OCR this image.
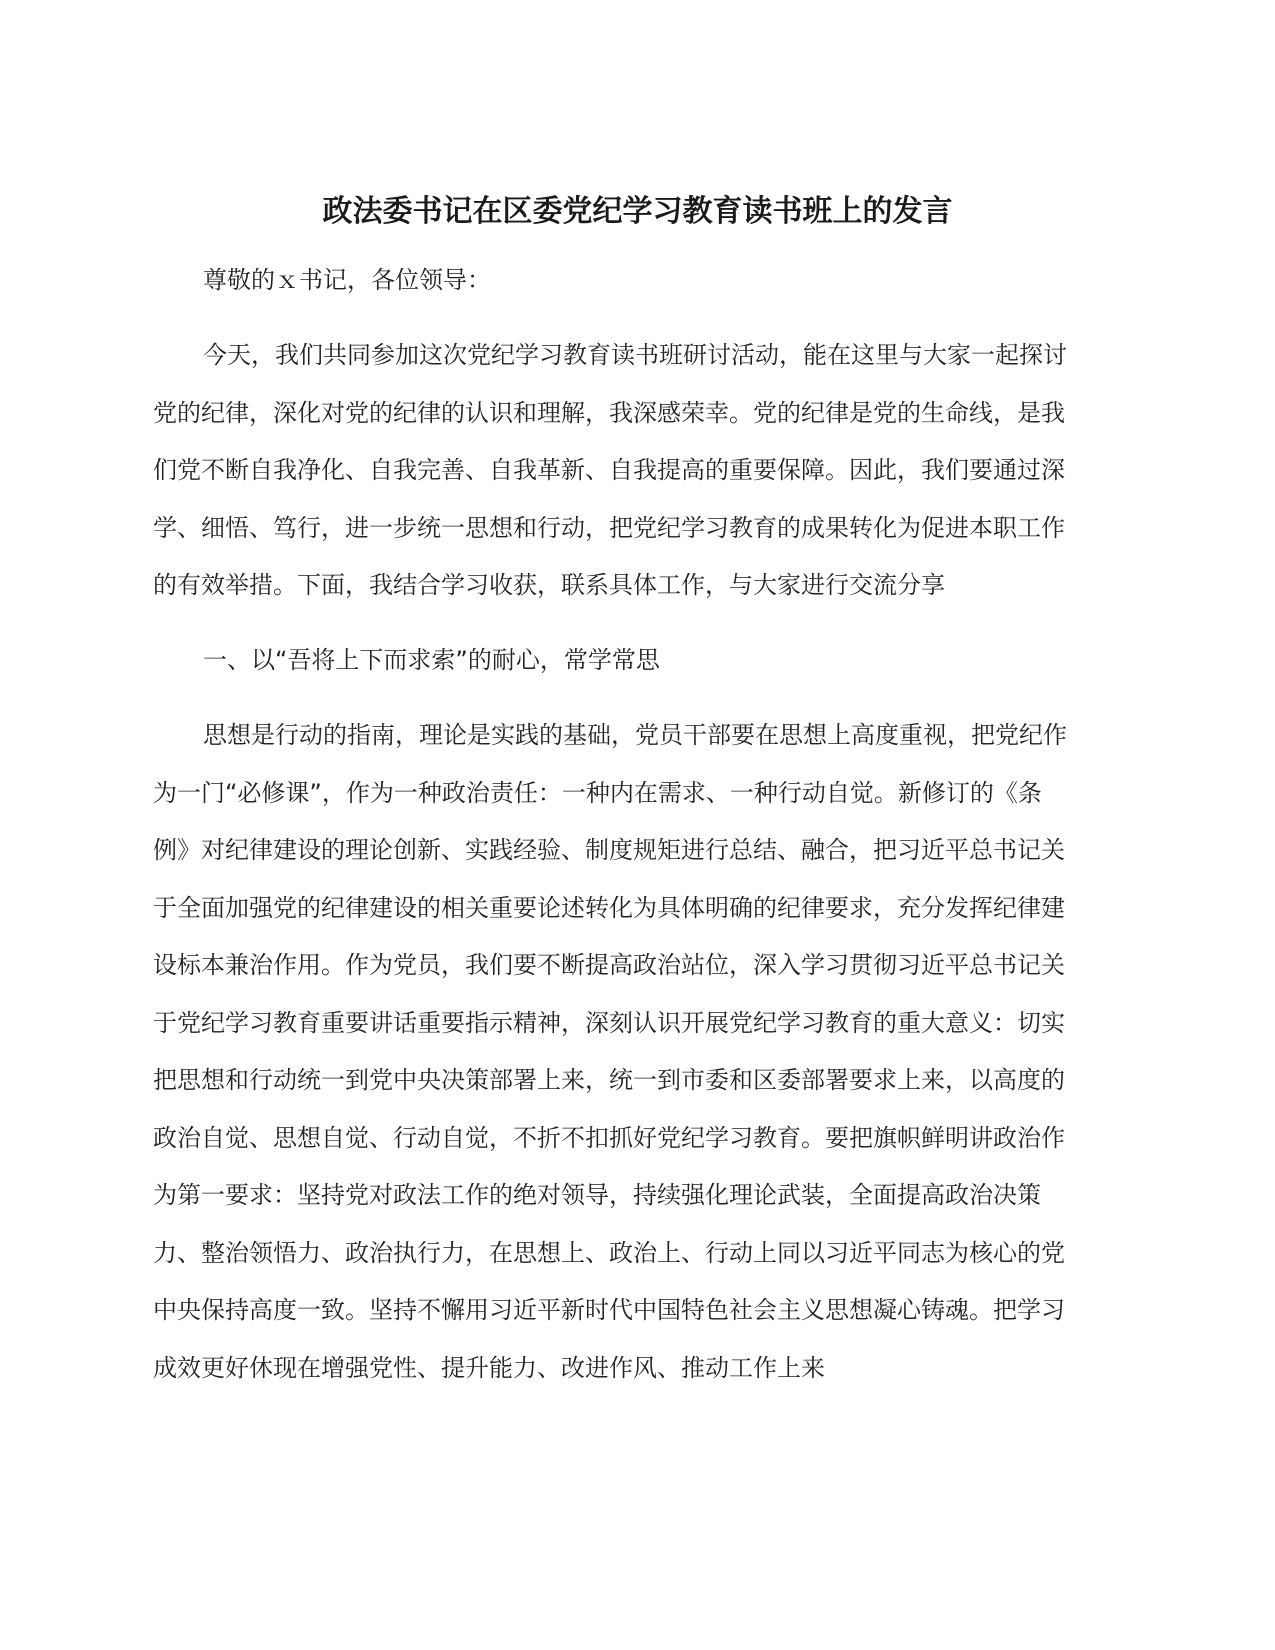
政法委书记在区委党纪学习教育读书班上的发言

尊敬的ｘ书记，各位领导：

今天，我们共同参加这次党纪学习教育读书班研讨活动，能在这里与大家一起探讨
党的纪律，深化对党的纪律的认识和理解，我深感荣幸。党的纪律是党的生命线，是我
们党不断自我净化、自我完善、自我革新、自我提高的重要保障。因此，我们要通过深
学、细悟、笃行，进一步统一思想和行动，把党纪学习教育的成果转化为促进本职工作
的有效举措。下面，我结合学习收获，联系具体工作，与大家进行交流分享

一、以“吾将上下而求索”的耐心，常学常思

思想是行动的指南，理论是实践的基础，党员干部要在思想上高度重视，把党纪作
为一门“必修课”，作为一种政治责任：一种内在需求、一种行动自觉。新修订的《条
例》对纪律建设的理论创新、实践经验、制度规矩进行总结、融合，把习近平总书记关
于全面加强党的纪律建设的相关重要论述转化为具体明确的纪律要求，充分发挥纪律建
设标本兼治作用。作为党员，我们要不断提高政治站位，深入学习贯彻习近平总书记关
于党纪学习教育重要讲话重要指示精神，深刻认识开展党纪学习教育的重大意义：切实
把思想和行动统一到党中央决策部署上来，统一到市委和区委部署要求上来，以高度的
政治自觉、思想自觉、行动自觉，不折不扣抓好党纪学习教育。要把旗帜鲜明讲政治作
为第一要求：坚持党对政法工作的绝对领导，持续强化理论武装，全面提高政治决策
力、整治领悟力、政治执行力，在思想上、政治上、行动上同以习近平同志为核心的党
中央保持高度一致。坚持不懈用习近平新时代中国特色社会主义思想凝心铸魂。把学习
成效更好休现在增强党性、提升能力、改进作风、推动工作上来
